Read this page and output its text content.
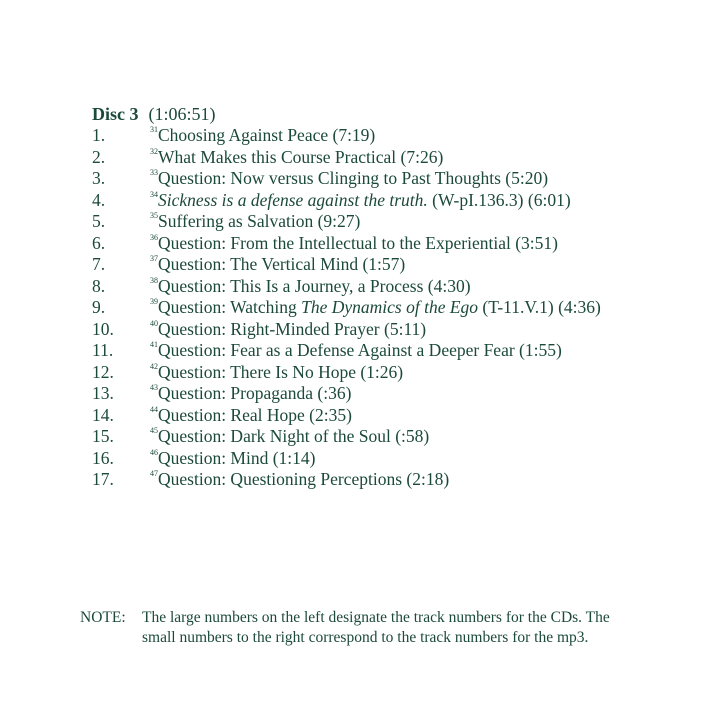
Disc 3 (1:06:51)
1.	$^{31}$Choosing Against Peace (7:19)
2.	$^{32}$What Makes this Course Practical (7:26)
3.	$^{33}$Question: Now versus Clinging to Past Thoughts (5:20)
4.	$^{34}$Sickness is a defense against the truth. (W-pI.136.3) (6:01)
5.	$^{35}$Suffering as Salvation (9:27)
6.	$^{36}$Question: From the Intellectual to the Experiential (3:51)
7.	$^{37}$Question: The Vertical Mind (1:57)
8.	$^{38}$Question: This Is a Journey, a Process (4:30)
9.	$^{39}$Question: Watching The Dynamics of the Ego (T-11.V.1) (4:36)
10.	$^{40}$Question: Right-Minded Prayer (5:11)
11.	$^{41}$Question: Fear as a Defense Against a Deeper Fear (1:55)
12.	$^{42}$Question: There Is No Hope (1:26)
13.	$^{43}$Question: Propaganda (:36)
14.	$^{44}$Question: Real Hope (2:35)
15.	$^{45}$Question: Dark Night of the Soul (:58)
16.	$^{46}$Question: Mind (1:14)
17.	$^{47}$Question: Questioning Perceptions (2:18)
NOTE: The large numbers on the left designate the track numbers for the CDs. The
small numbers to the right correspond to the track numbers for the mp3.
